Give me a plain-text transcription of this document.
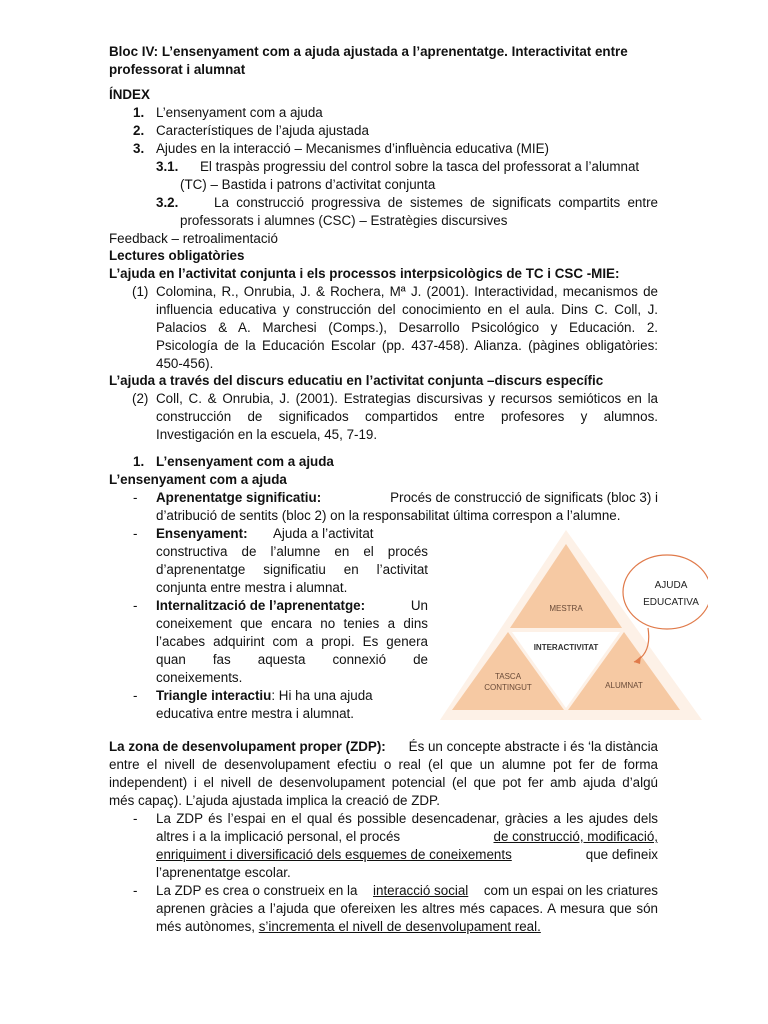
Bloc IV: L’ensenyament com a ajuda ajustada a l’aprenentatge. Interactivitat entre
professorat i alumnat
ÍNDEX
1. L’ensenyament com a ajuda
2. Característiques de l’ajuda ajustada
3. Ajudes en la interacció – Mecanismes d’influència educativa (MIE)
3.1. El traspàs progressiu del control sobre la tasca del professorat a l’alumnat
(TC) – Bastida i patrons d’activitat conjunta
3.2.	La construcció progressiva de sistemes de significats compartits entre
professorats i alumnes (CSC) – Estratègies discursives
Feedback – retroalimentació
Lectures obligatòries
L’ajuda en l’activitat conjunta i els processos interpsicològics de TC i CSC -MIE:
(1) Colomina, R., Onrubia, J. & Rochera, Mª J. (2001). Interactividad, mecanismos de
influencia educativa y construcción del conocimiento en el aula. Dins C. Coll, J.
Palacios & A. Marchesi (Comps.), Desarrollo Psicológico y Educación. 2.
Psicología de la Educación Escolar (pp. 437-458). Alianza. (pàgines obligatòries:
450-456).
L’ajuda a través del discurs educatiu en l’activitat conjunta –discurs específic
(2) Coll, C. & Onrubia, J. (2001). Estrategias discursivas y recursos semióticos en la
construcción de significados compartidos entre profesores y alumnos.
Investigación en la escuela, 45, 7-19.
1. L’ensenyament com a ajuda
L’ensenyament com a ajuda
- Aprenentatge significatiu:	Procés de construcció de significats (bloc 3) i
d’atribució de sentits (bloc 2) on la responsabilitat última correspon a l’alumne.
- Ensenyament: Ajuda a l’activitat
constructiva de l’alumne en el procés
d’aprenentatge significatiu en l’activitat
conjunta entre mestra i alumnat.
- Internalització de l’aprenentatge:	Un
coneixement que encara no tenies a dins
l’acabes adquirint com a propi. Es genera
quan fas aquesta connexió de
coneixements.
- Triangle interactiu : Hi ha una ajuda
educativa entre mestra i alumnat.
MESTRA
INTERACTIVITAT
TASCA
CONTINGUT	ALUMNAT
AJUDA
EDUCATIVA
La zona de desenvolupament proper (ZDP): És un concepte abstracte i és ‘la distància
entre el nivell de desenvolupament efectiu o real (el que un alumne pot fer de forma
independent) i el nivell de desenvolupament potencial (el que pot fer amb ajuda d’algú
més capaç). L’ajuda ajustada implica la creació de ZDP.
- La ZDP és l’espai en el qual és possible desencadenar, gràcies a les ajudes dels
altres i a la implicació personal, el procés	de construcció, modificació,
enriquiment i diversificació dels esquemes de coneixements	que defineix
l’aprenentatge escolar.
- La ZDP es crea o construeix en la interacció social com un espai on les criatures
aprenen gràcies a l’ajuda que ofereixen les altres més capaces. A mesura que són
més autònomes, s’incrementa el nivell de desenvolupament real.
